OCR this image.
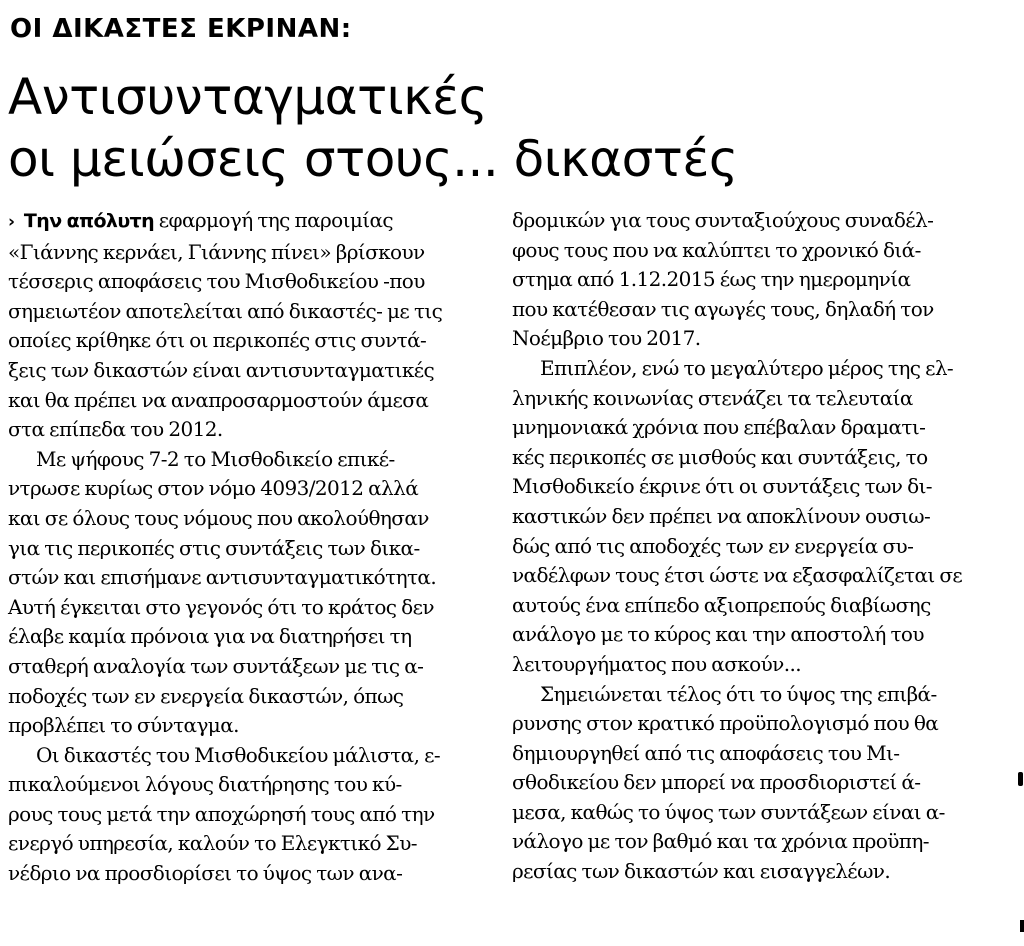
ΟΙ ΔΙΚΑΣΤΕΣ ΕΚΡΙΝΑΝ:
Αντισυνταγματικές
οι μειώσεις στους... δικαστές
› Την απόλυτη εφαρμογή της παροιμίας
«Γιάννης κερνάει, Γιάννης πίνει» βρίσκουν
τέσσερις αποφάσεις του Μισθοδικείου -που
σημειωτέον αποτελείται από δικαστές- με τις
οποίες κρίθηκε ότι οι περικοπές στις συντά-
ξεις των δικαστών είναι αντισυνταγματικές
και θα πρέπει να αναπροσαρμοστούν άμεσα
στα επίπεδα του 2012.
Με ψήφους 7-2 το Μισθοδικείο επικέ-
ντρωσε κυρίως στον νόμο 4093/2012 αλλά
και σε όλους τους νόμους που ακολούθησαν
για τις περικοπές στις συντάξεις των δικα-
στών και επισήμανε αντισυνταγματικότητα.
Αυτή έγκειται στο γεγονός ότι το κράτος δεν
έλαβε καμία πρόνοια για να διατηρήσει τη
σταθερή αναλογία των συντάξεων με τις α-
ποδοχές των εν ενεργεία δικαστών, όπως
προβλέπει το σύνταγμα.
Οι δικαστές του Μισθοδικείου μάλιστα, ε-
πικαλούμενοι λόγους διατήρησης του κύ-
ρους τους μετά την αποχώρησή τους από την
ενεργό υπηρεσία, καλούν το Ελεγκτικό Συ-
νέδριο να προσδιορίσει το ύψος των ανα-
δρομικών για τους συνταξιούχους συναδέλ-
φους τους που να καλύπτει το χρονικό διά-
στημα από 1.12.2015 έως την ημερομηνία
που κατέθεσαν τις αγωγές τους, δηλαδή τον
Νοέμβριο του 2017.
Επιπλέον, ενώ το μεγαλύτερο μέρος της ελ-
ληνικής κοινωνίας στενάζει τα τελευταία
μνημονιακά χρόνια που επέβαλαν δραματι-
κές περικοπές σε μισθούς και συντάξεις, το
Μισθοδικείο έκρινε ότι οι συντάξεις των δι-
καστικών δεν πρέπει να αποκλίνουν ουσιω-
δώς από τις αποδοχές των εν ενεργεία συ-
ναδέλφων τους έτσι ώστε να εξασφαλίζεται σε
αυτούς ένα επίπεδο αξιοπρεπούς διαβίωσης
ανάλογο με το κύρος και την αποστολή του
λειτουργήματος που ασκούν...
Σημειώνεται τέλος ότι το ύψος της επιβά-
ρυνσης στον κρατικό προϋπολογισμό που θα
δημιουργηθεί από τις αποφάσεις του Μι-
σθοδικείου δεν μπορεί να προσδιοριστεί ά-
μεσα, καθώς το ύψος των συντάξεων είναι α-
νάλογο με τον βαθμό και τα χρόνια προϋπη-
ρεσίας των δικαστών και εισαγγελέων.
